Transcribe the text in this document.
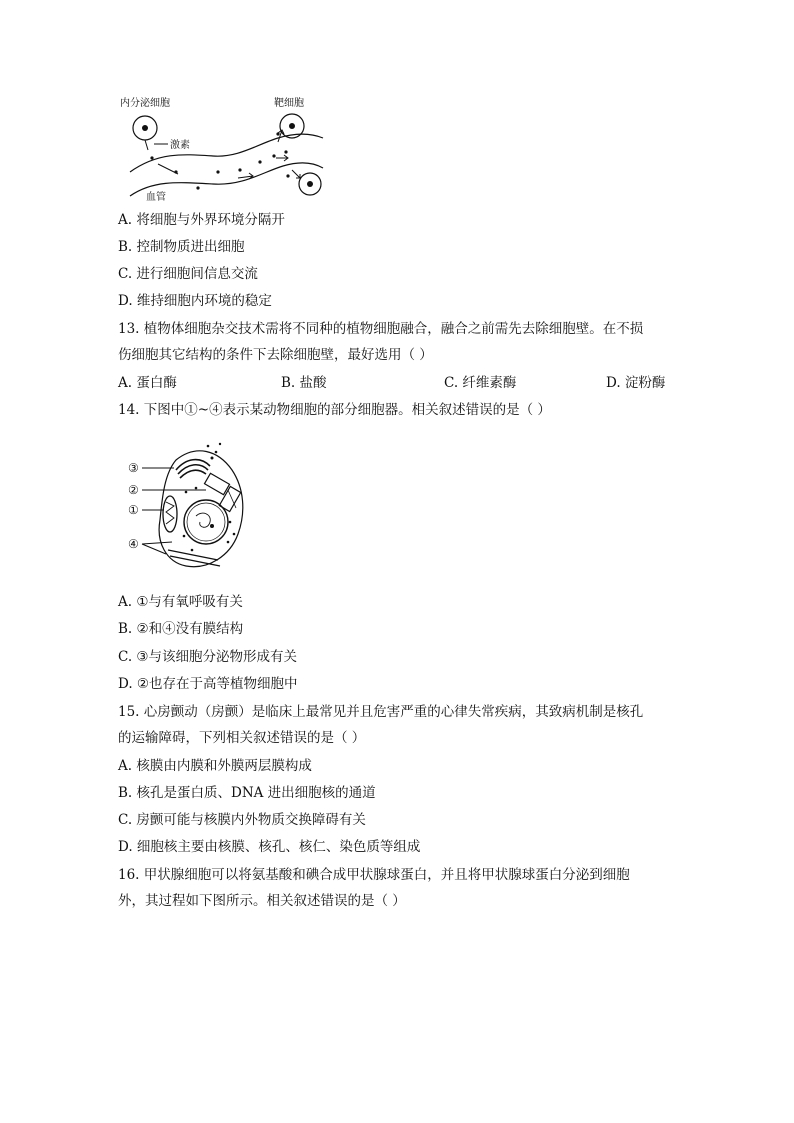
内分泌细胞	靶细胞
激素
血管
A. 将细胞与外界环境分隔开
B. 控制物质进出细胞
C. 进行细胞间信息交流
D. 维持细胞内环境的稳定
13. 植物体细胞杂交技术需将不同种的植物细胞融合，融合之前需先去除细胞壁。在不损
伤细胞其它结构的条件下去除细胞壁，最好选用（ ）
A. 蛋白酶	B. 盐酸	C. 纤维素酶	D. 淀粉酶
14. 下图中①~④表示某动物细胞的部分细胞器。相关叙述错误的是（ ）
③
②
①
④
A. ①与有氧呼吸有关
B. ②和④没有膜结构
C. ③与该细胞分泌物形成有关
D. ②也存在于高等植物细胞中
15. 心房颤动（房颤）是临床上最常见并且危害严重的心律失常疾病，其致病机制是核孔
的运输障碍，下列相关叙述错误的是（ ）
A. 核膜由内膜和外膜两层膜构成
B. 核孔是蛋白质、DNA 进出细胞核的通道
C. 房颤可能与核膜内外物质交换障碍有关
D. 细胞核主要由核膜、核孔、核仁、染色质等组成
16. 甲状腺细胞可以将氨基酸和碘合成甲状腺球蛋白，并且将甲状腺球蛋白分泌到细胞
外，其过程如下图所示。相关叙述错误的是（ ）
